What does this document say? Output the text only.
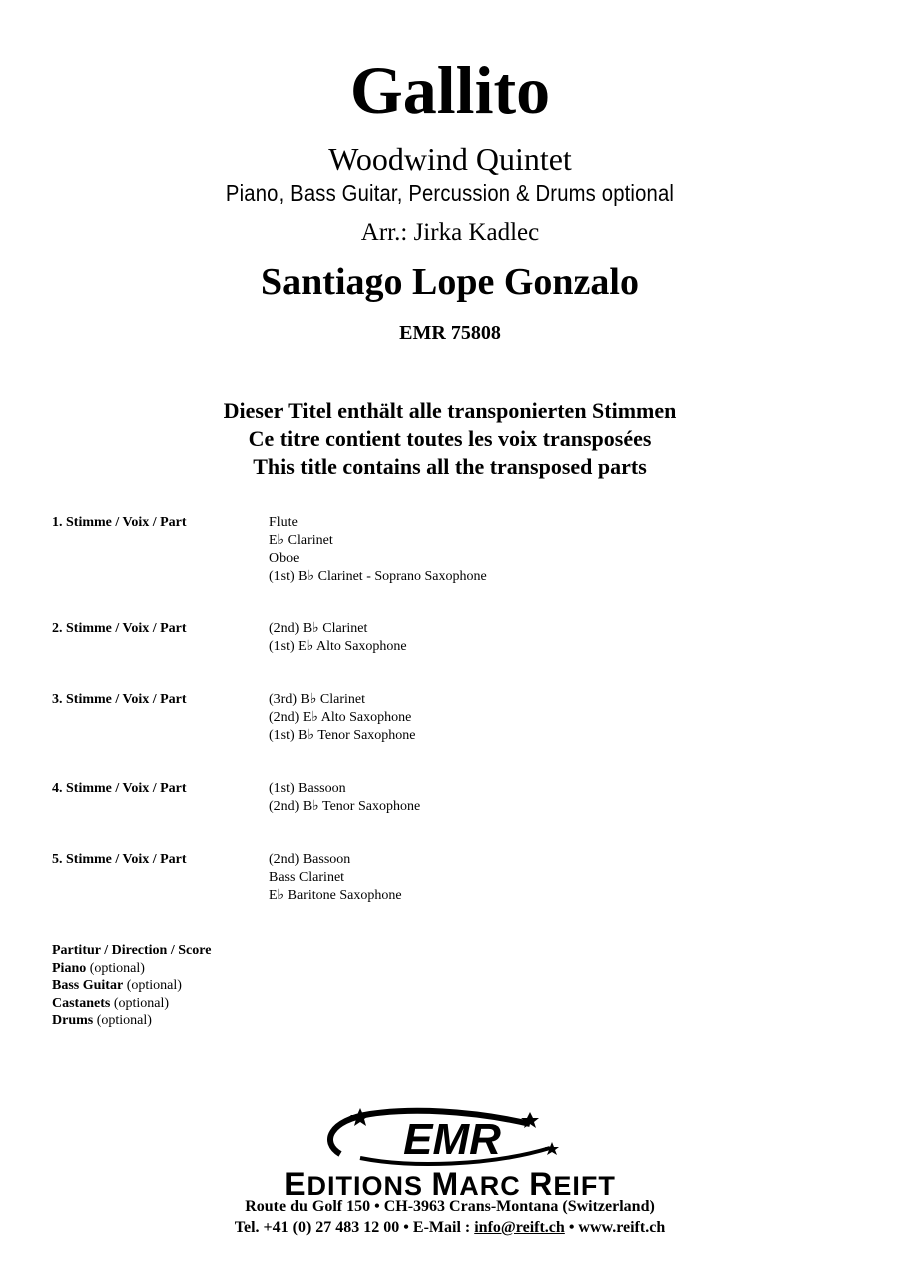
Gallito
Woodwind Quintet
Piano, Bass Guitar, Percussion & Drums optional
Arr.: Jirka Kadlec
Santiago Lope Gonzalo
EMR 75808
Dieser Titel enthält alle transponierten Stimmen
Ce titre contient toutes les voix transposées
This title contains all the transposed parts
1. Stimme / Voix / Part	Flute
E♭ Clarinet
Oboe
(1st) B♭ Clarinet - Soprano Saxophone
2. Stimme / Voix / Part	(2nd) B♭ Clarinet
(1st) E♭ Alto Saxophone
3. Stimme / Voix / Part	(3rd) B♭ Clarinet
(2nd) E♭ Alto Saxophone
(1st) B♭ Tenor Saxophone
4. Stimme / Voix / Part	(1st) Bassoon
(2nd) B♭ Tenor Saxophone
5. Stimme / Voix / Part	(2nd) Bassoon
Bass Clarinet
E♭ Baritone Saxophone
Partitur / Direction / Score
Piano (optional)
Bass Guitar (optional)
Castanets (optional)
Drums (optional)
EMR
EDITIONS MARC REIFT
Route du Golf 150 • CH-3963 Crans-Montana (Switzerland)
Tel. +41 (0) 27 483 12 00 • E-Mail : info@reift.ch • www.reift.ch
